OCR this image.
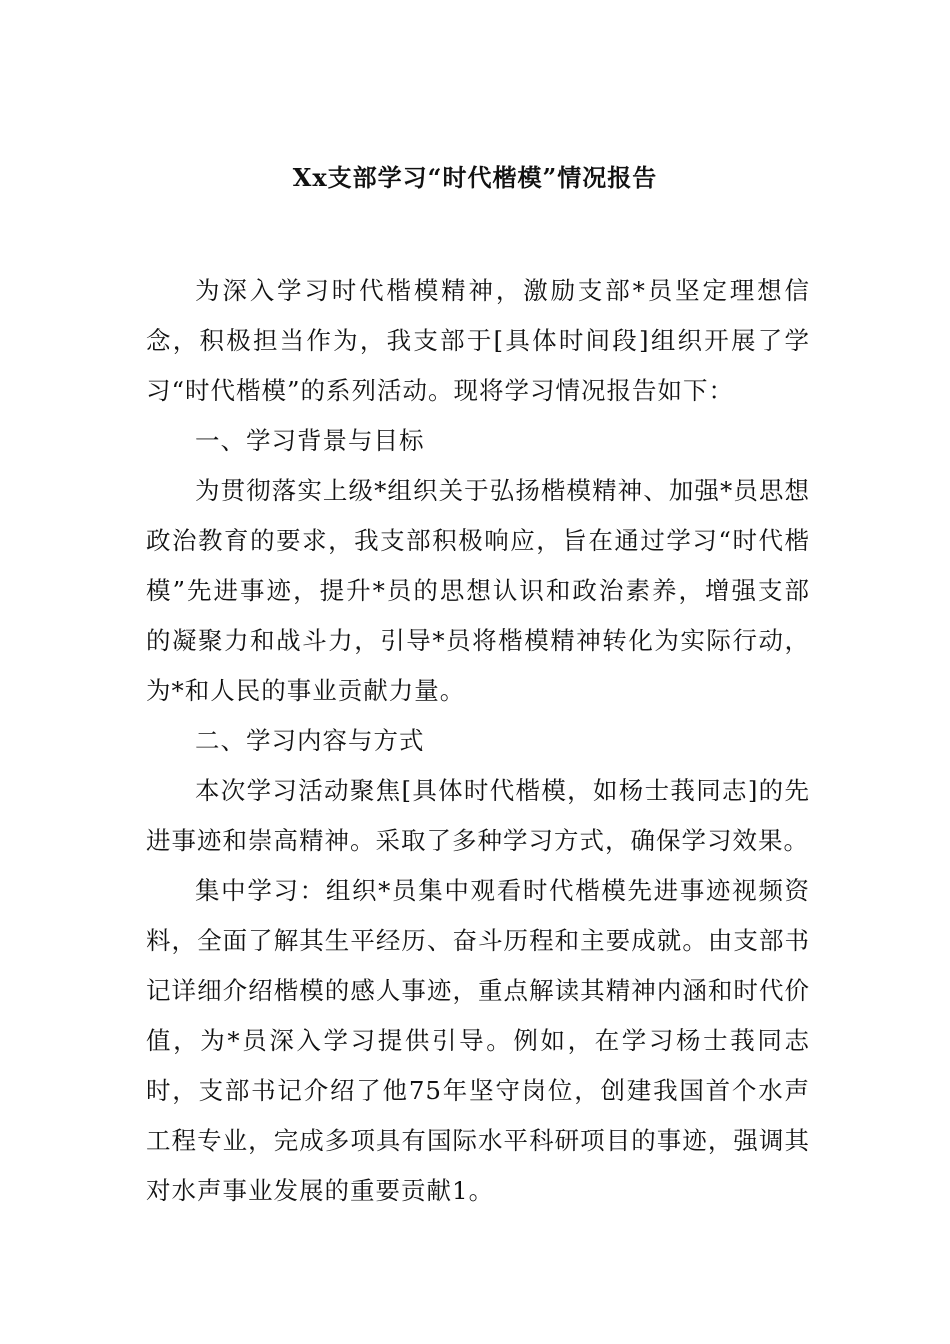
Xx支部学习“时代楷模”情况报告

为深入学习时代楷模精神，激励支部*员坚定理想信念，积极担当作为，我支部于[具体时间段]组织开展了学习“时代楷模”的系列活动。现将学习情况报告如下：

一、学习背景与目标

为贯彻落实上级*组织关于弘扬楷模精神、加强*员思想政治教育的要求，我支部积极响应，旨在通过学习“时代楷模”先进事迹，提升*员的思想认识和政治素养，增强支部的凝聚力和战斗力，引导*员将楷模精神转化为实际行动，为*和人民的事业贡献力量。

二、学习内容与方式

本次学习活动聚焦[具体时代楷模，如杨士莪同志]的先进事迹和崇高精神。采取了多种学习方式，确保学习效果。

集中学习：组织*员集中观看时代楷模先进事迹视频资料，全面了解其生平经历、奋斗历程和主要成就。由支部书记详细介绍楷模的感人事迹，重点解读其精神内涵和时代价值，为*员深入学习提供引导。例如，在学习杨士莪同志时，支部书记介绍了他75年坚守岗位，创建我国首个水声工程专业，完成多项具有国际水平科研项目的事迹，强调其对水声事业发展的重要贡献1。
